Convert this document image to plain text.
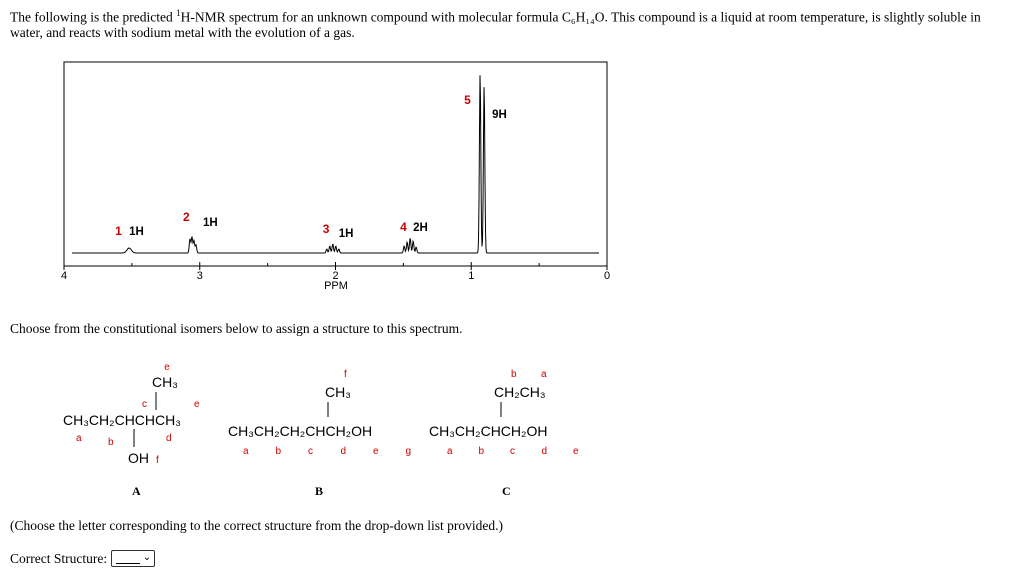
The following is the predicted $^1$H-NMR spectrum for an unknown compound with molecular formula C₆H₁₄O. This compound is a liquid at room temperature, is slightly soluble in water, and reacts with sodium metal with the evolution of a gas.
4	3	2	1	0
1 1H
2 1H	3 1H	4 2H
5
9H
PPM
Choose from the constitutional isomers below to assign a structure to this spectrum.
e
CH₃
c	e
CH₃CH₂CHCHCH₃
a	b	d
OH f
f
CH₃
CH₃CH₂CH₂CHCH₂OH
a	b	c	d	e	g
b a
CH₂CH₃
CH₃CH₂CHCH₂OH
a	b	c	d	e
A	B	C
(Choose the letter corresponding to the correct structure from the drop-down list provided.)
Correct Structure:	⌄
